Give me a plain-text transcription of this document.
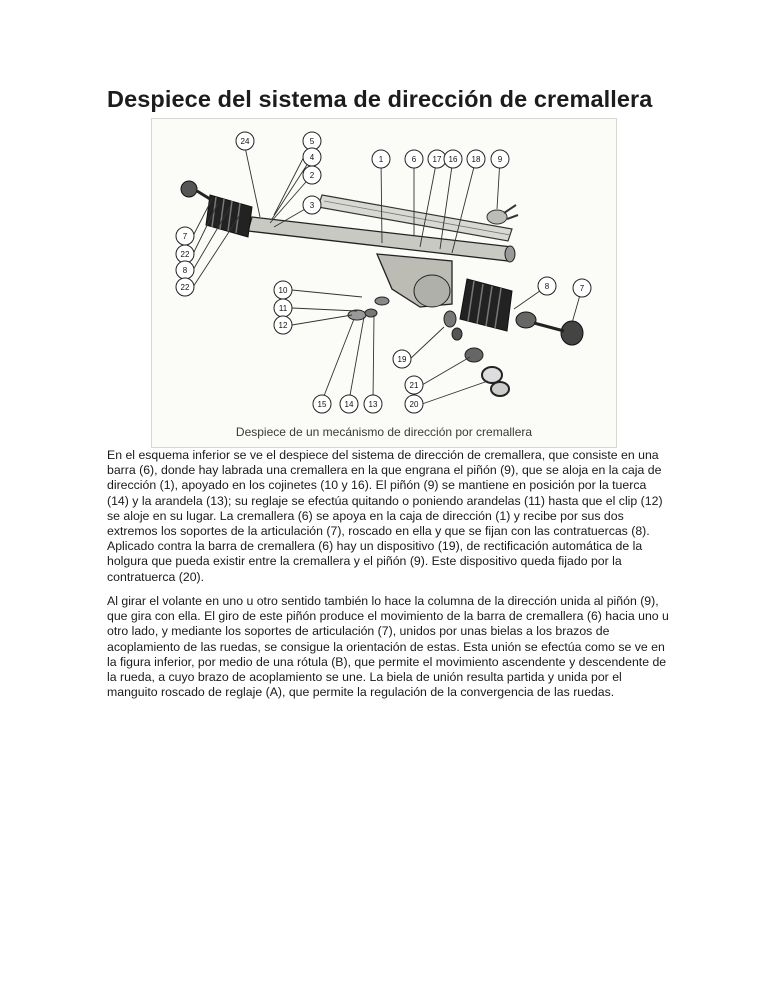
Despiece del sistema de dirección de cremallera
24	5
4
2
3
1	6 17 16 18 9
7
22
8
22	10
11
12
19
21
20
15 14 13
8	7
Despiece de un mecánismo de dirección por cremallera

En el esquema inferior se ve el despiece del sistema de dirección de cremallera, que consiste en una barra (6), donde hay labrada una cremallera en la que engrana el piñón (9), que se aloja en la caja de dirección (1), apoyado en los cojinetes (10 y 16). El piñón (9) se mantiene en posición por la tuerca (14) y la arandela (13); su reglaje se efectúa quitando o poniendo arandelas (11) hasta que el clip (12) se aloje en su lugar. La cremallera (6) se apoya en la caja de dirección (1) y recibe por sus dos extremos los soportes de la articulación (7), roscado en ella y que se fijan con las contratuercas (8). Aplicado contra la barra de cremallera (6) hay un dispositivo (19), de rectificación automática de la holgura que pueda existir entre la cremallera y el piñón (9). Este dispositivo queda fijado por la contratuerca (20).

Al girar el volante en uno u otro sentido también lo hace la columna de la dirección unida al piñón (9), que gira con ella. El giro de este piñón produce el movimiento de la barra de cremallera (6) hacia uno u otro lado, y mediante los soportes de articulación (7), unidos por unas bielas a los brazos de acoplamiento de las ruedas, se consigue la orientación de estas. Esta unión se efectúa como se ve en la figura inferior, por medio de una rótula (B), que permite el movimiento ascendente y descendente de la rueda, a cuyo brazo de acoplamiento se une. La biela de unión resulta partida y unida por el manguito roscado de reglaje (A), que permite la regulación de la convergencia de las ruedas.
